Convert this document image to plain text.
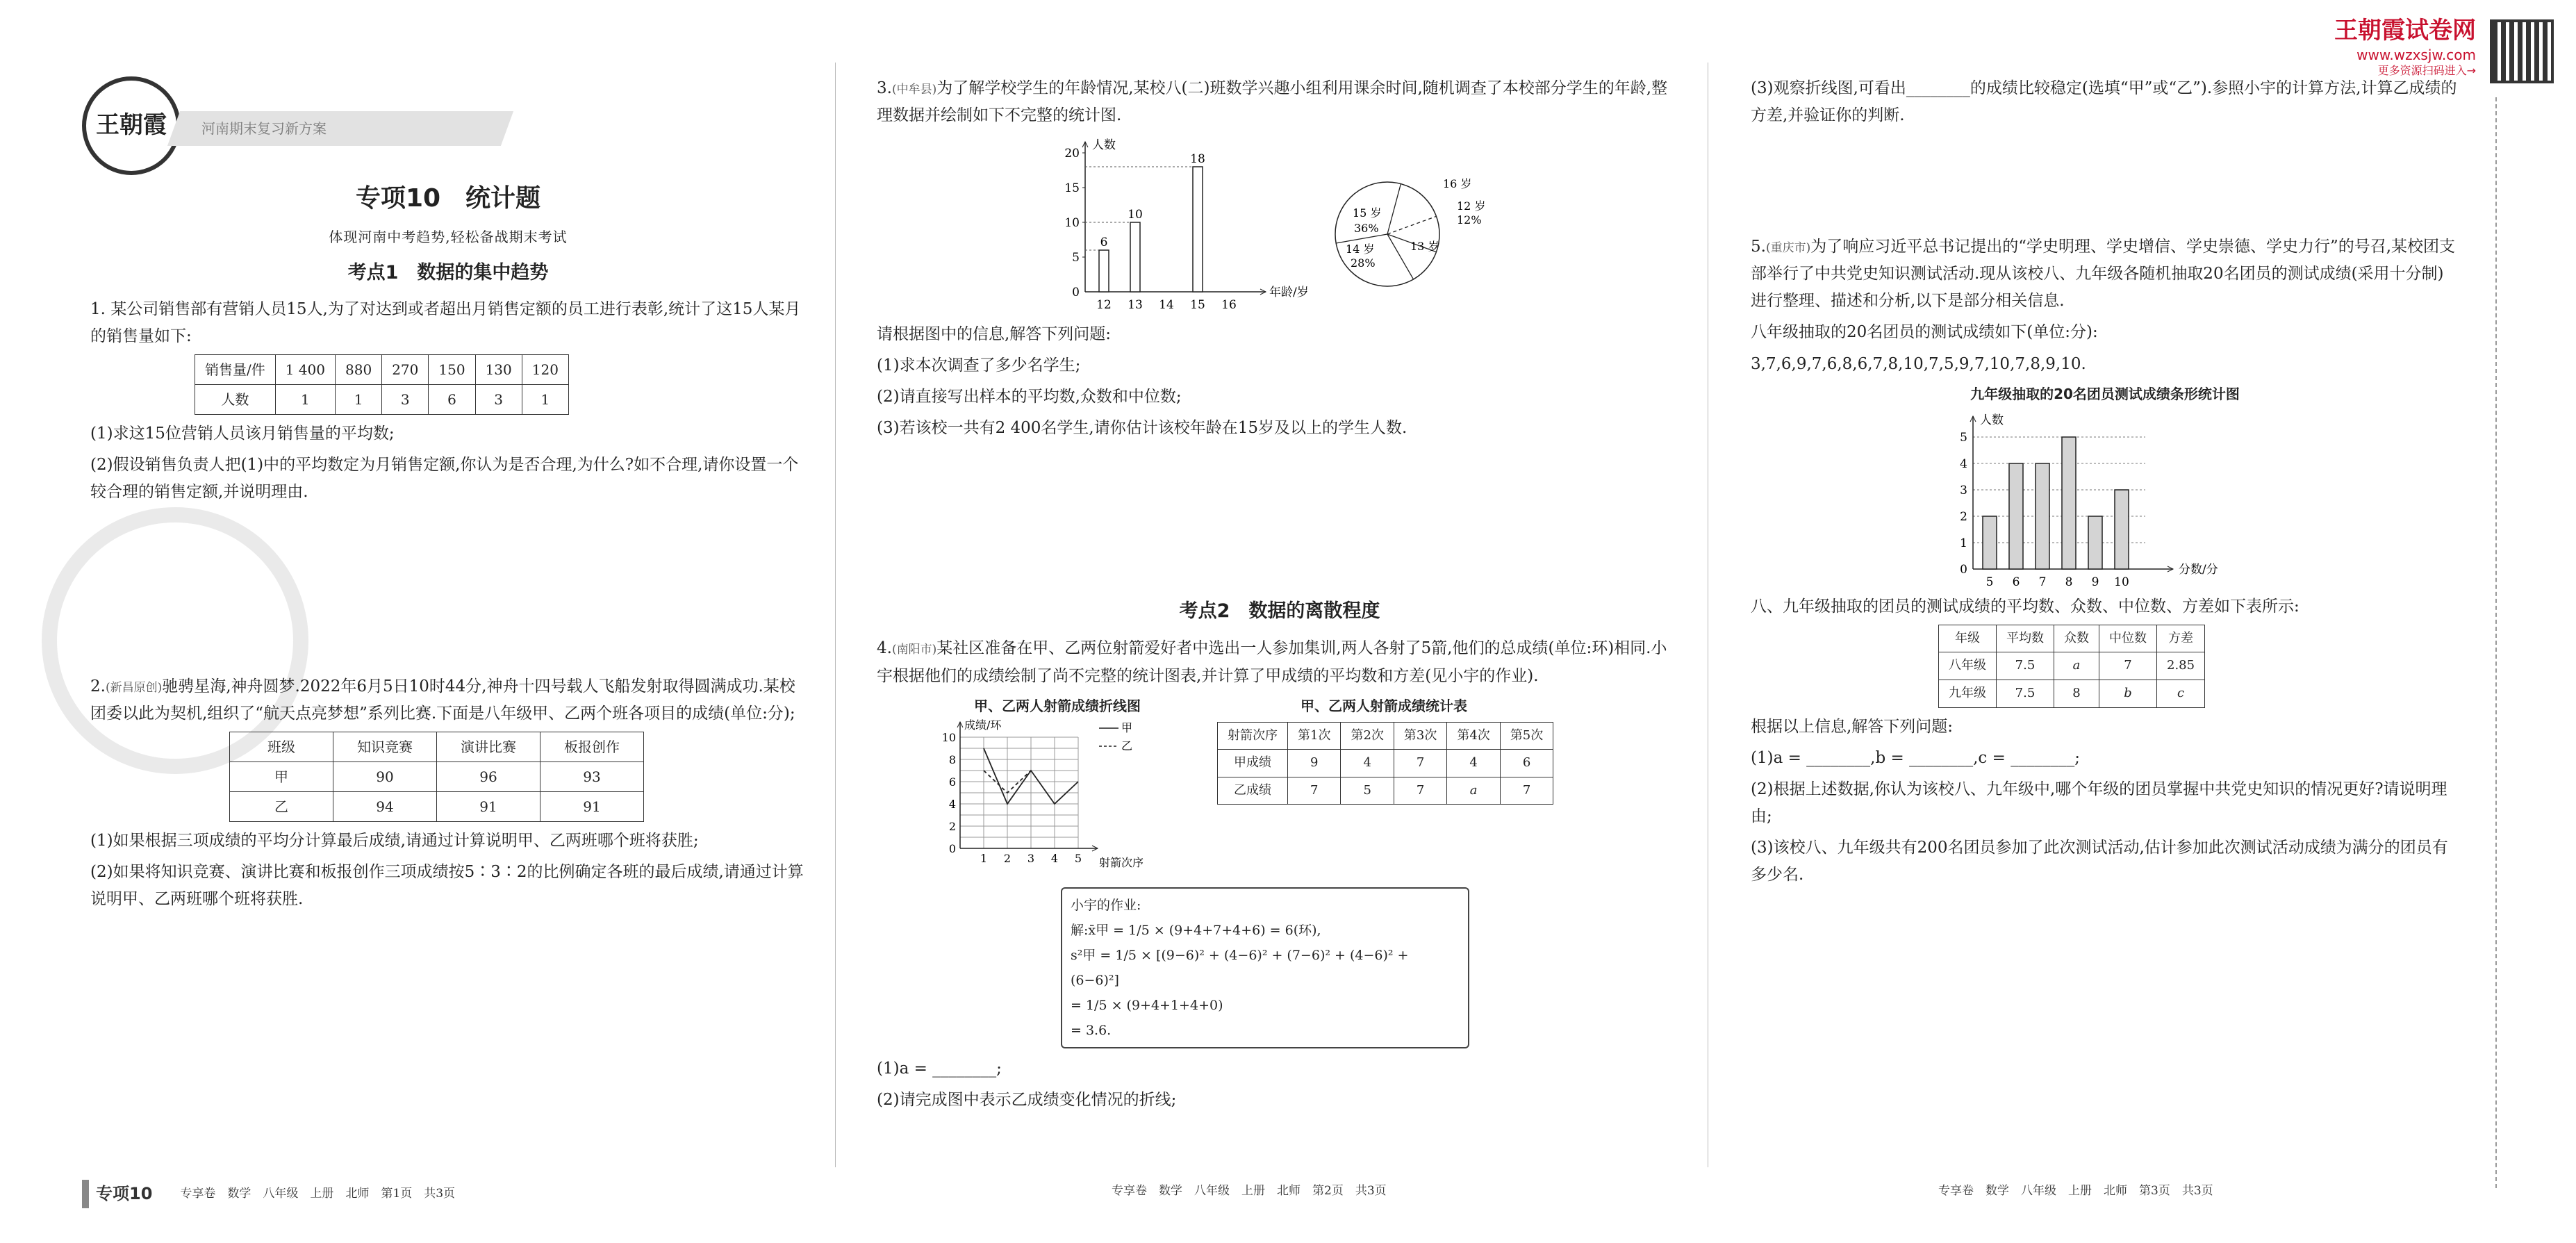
王朝霞	河南期末复习新方案
王朝霞试卷网
www.wzxsjw.com
更多资源扫码进入→
专项10　统计题
体现河南中考趋势,轻松备战期末考试
考点1　数据的集中趋势

1. 某公司销售部有营销人员15人,为了对达到或者超出月销售定额的员工进行表彰,统计了这15人某月的销售量如下:

销售量/件	1 400	880	270	150	130	120
人数	1	1	3	6	3	1

(1)求这15位营销人员该月销售量的平均数;

(2)假设销售负责人把(1)中的平均数定为月销售定额,你认为是否合理,为什么?如不合理,请你设置一个较合理的销售定额,并说明理由.

2.(新昌原创)驰骋星海,神舟圆梦.2022年6月5日10时44分,神舟十四号载人飞船发射取得圆满成功.某校团委以此为契机,组织了“航天点亮梦想”系列比赛.下面是八年级甲、乙两个班各项目的成绩(单位:分);

班级	知识竞赛	演讲比赛	板报创作
甲	90	96	93
乙	94	91	91

(1)如果根据三项成绩的平均分计算最后成绩,请通过计算说明甲、乙两班哪个班将获胜;

(2)如果将知识竞赛、演讲比赛和板报创作三项成绩按5∶3∶2的比例确定各班的最后成绩,请通过计算说明甲、乙两班哪个班将获胜.

专项10 专享卷　数学　八年级　上册　北师　第1页　共3页

3.(中牟县)为了解学校学生的年龄情况,某校八(二)班数学兴趣小组利用课余时间,随机调查了本校部分学生的年龄,整理数据并绘制如下不完整的统计图.

人数
年龄/岁
0
5
10
15
20
12
6
13
10
14 15
18
16
15 岁
36%
16 岁
12 岁
12%
13 岁
14 岁
28%

请根据图中的信息,解答下列问题:

(1)求本次调查了多少名学生;

(2)请直接写出样本的平均数,众数和中位数;

(3)若该校一共有2 400名学生,请你估计该校年龄在15岁及以上的学生人数.

考点2　数据的离散程度

4.(南阳市)某社区准备在甲、乙两位射箭爱好者中选出一人参加集训,两人各射了5箭,他们的总成绩(单位:环)相同.小宇根据他们的成绩绘制了尚不完整的统计图表,并计算了甲成绩的平均数和方差(见小宇的作业).

甲、乙两人射箭成绩折线图
成绩/环
射箭次序
0
2
4
6
8
10
1 2 3 4 5
甲
乙
甲、乙两人射箭成绩统计表
射箭次序	第1次	第2次	第3次	第4次	第5次
甲成绩	9	4	7	4	6
乙成绩	7	5	7	a	7
小宇的作业:
解:x̄甲 = 1/5 × (9+4+7+4+6) = 6(环),
s²甲 = 1/5 × [(9−6)² + (4−6)² + (7−6)² + (4−6)² + (6−6)²]
= 1/5 × (9+4+1+4+0)
= 3.6.

(1)a = ________;

(2)请完成图中表示乙成绩变化情况的折线;

专享卷　数学　八年级　上册　北师　第2页　共3页

(3)观察折线图,可看出________的成绩比较稳定(选填“甲”或“乙”).参照小宇的计算方法,计算乙成绩的方差,并验证你的判断.

5.(重庆市)为了响应习近平总书记提出的“学史明理、学史增信、学史崇德、学史力行”的号召,某校团支部举行了中共党史知识测试活动.现从该校八、九年级各随机抽取20名团员的测试成绩(采用十分制)进行整理、描述和分析,以下是部分相关信息.

八年级抽取的20名团员的测试成绩如下(单位:分):

3,7,6,9,7,6,8,6,7,8,10,7,5,9,7,10,7,8,9,10.

九年级抽取的20名团员测试成绩条形统计图
0
1
2
3
4
5
人数
分数/分
5 6 7 8 9 10

八、九年级抽取的团员的测试成绩的平均数、众数、中位数、方差如下表所示:

年级	平均数	众数	中位数	方差
八年级	7.5	a	7	2.85
九年级	7.5	8	b	c

根据以上信息,解答下列问题:

(1)a = ________,b = ________,c = ________;

(2)根据上述数据,你认为该校八、九年级中,哪个年级的团员掌握中共党史知识的情况更好?请说明理由;

(3)该校八、九年级共有200名团员参加了此次测试活动,估计参加此次测试活动成绩为满分的团员有多少名.

专享卷　数学　八年级　上册　北师　第3页　共3页
